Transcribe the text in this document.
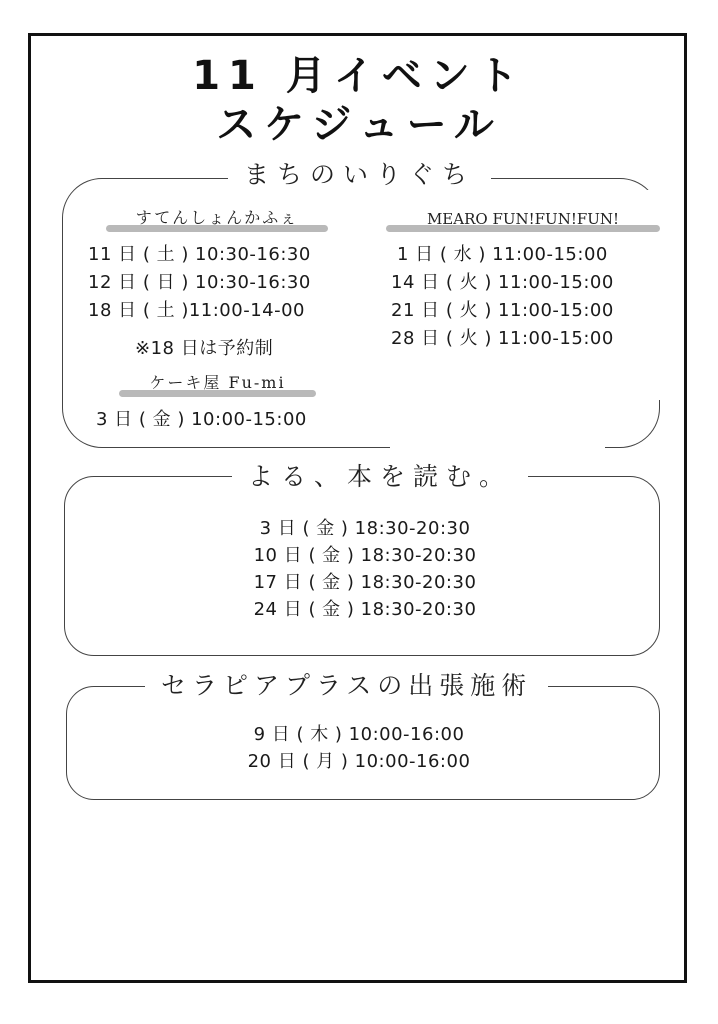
11 月イベント
スケジュール
まちのいりぐち
すてんしょんかふぇ
11 日 ( 土 ) 10:30-16:30
12 日 ( 日 ) 10:30-16:30
18 日 ( 土 )11:00-14-00
※18 日は予約制
ケーキ屋 Fu-mi
3 日 ( 金 ) 10:00-15:00
MEARO FUN!FUN!FUN!
1 日 ( 水 ) 11:00-15:00
14 日 ( 火 ) 11:00-15:00
21 日 ( 火 ) 11:00-15:00
28 日 ( 火 ) 11:00-15:00
よる、本を読む。
3 日 ( 金 ) 18:30-20:30
10 日 ( 金 ) 18:30-20:30
17 日 ( 金 ) 18:30-20:30
24 日 ( 金 ) 18:30-20:30
セラピアプラスの出張施術
9 日 ( 木 ) 10:00-16:00
20 日 ( 月 ) 10:00-16:00
